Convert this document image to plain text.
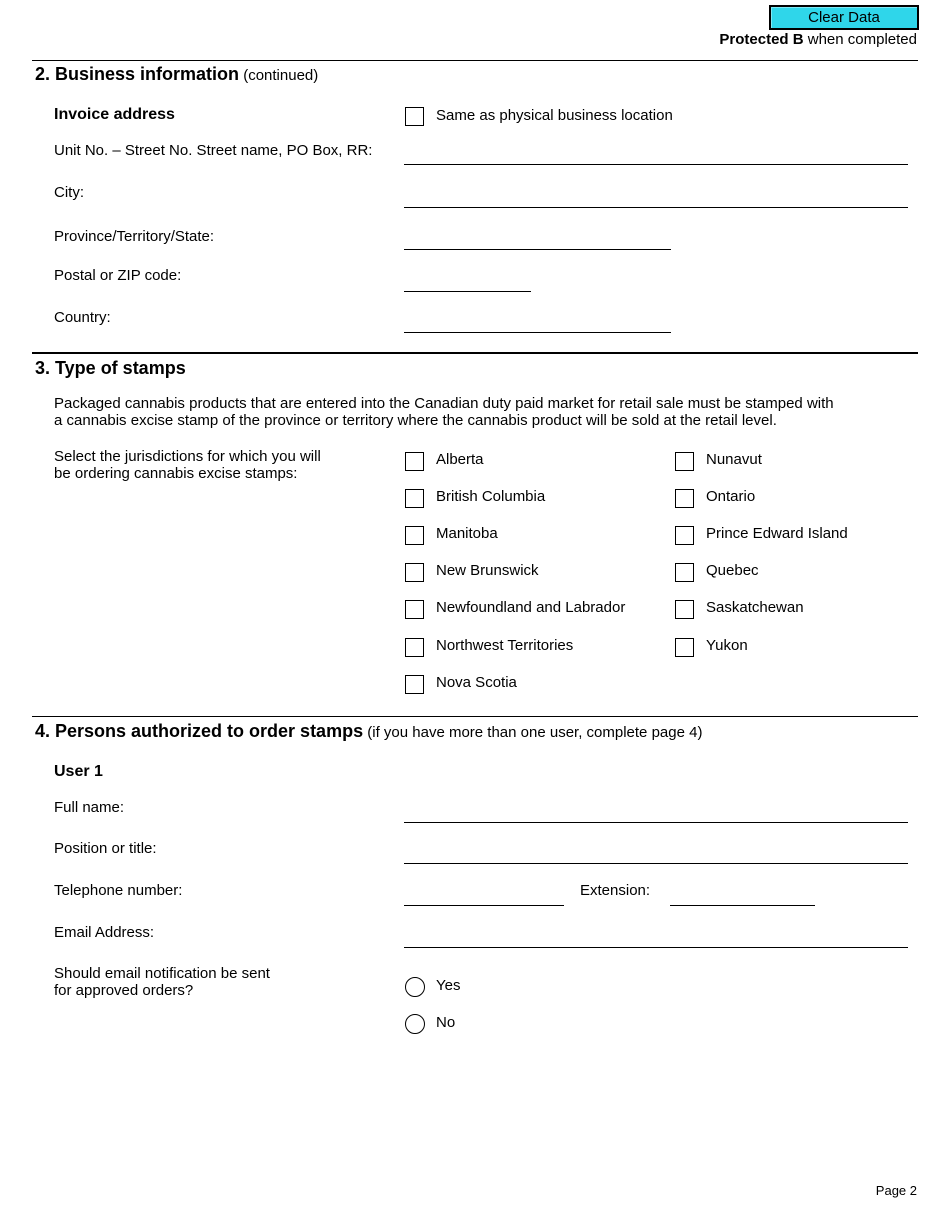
Clear Data
Protected B when completed
2. Business information (continued)
Invoice address	Same as physical business location
Unit No. – Street No. Street name, PO Box, RR:
City:
Province/Territory/State:
Postal or ZIP code:
Country:
3. Type of stamps
Packaged cannabis products that are entered into the Canadian duty paid market for retail sale must be stamped with
a cannabis excise stamp of the province or territory where the cannabis product will be sold at the retail level.
Select the jurisdictions for which you will
be ordering cannabis excise stamps:
Alberta
British Columbia
Manitoba
New Brunswick
Newfoundland and Labrador
Northwest Territories
Nova Scotia
Nunavut
Ontario
Prince Edward Island
Quebec
Saskatchewan
Yukon
4. Persons authorized to order stamps (if you have more than one user, complete page 4)
User 1
Full name:
Position or title:
Telephone number:	Extension:
Email Address:
Should email notification be sent
for approved orders?	Yes
No
Page 2
